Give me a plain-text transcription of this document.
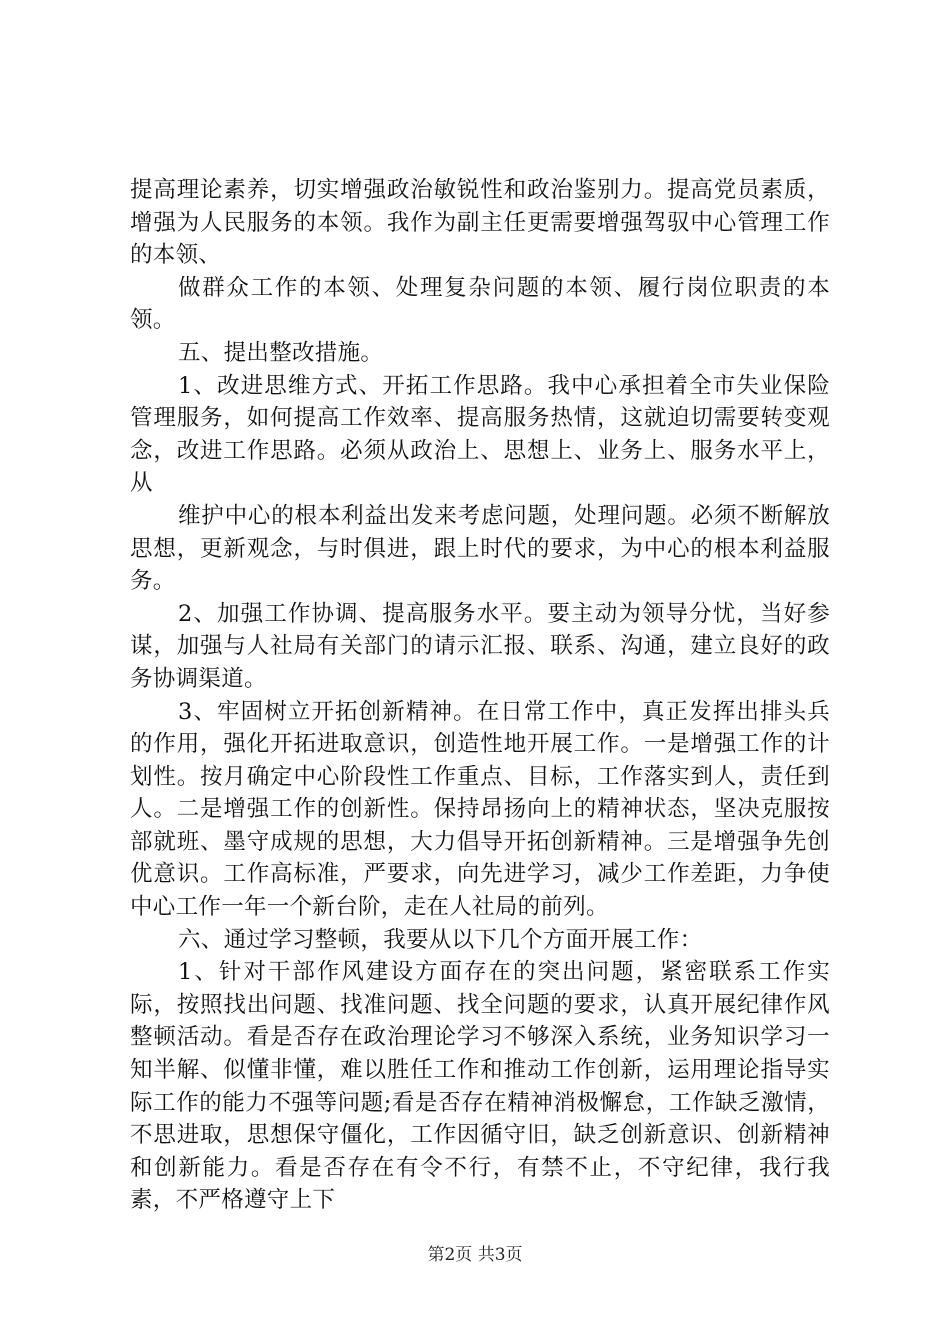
提高理论素养，切实增强政治敏锐性和政治鉴别力。提高党员素质，增强为人民服务的本领。我作为副主任更需要增强驾驭中心管理工作的本领、

做群众工作的本领、处理复杂问题的本领、履行岗位职责的本领。

五、提出整改措施。

1、改进思维方式、开拓工作思路。我中心承担着全市失业保险管理服务，如何提高工作效率、提高服务热情，这就迫切需要转变观念，改进工作思路。必须从政治上、思想上、业务上、服务水平上，从

维护中心的根本利益出发来考虑问题，处理问题。必须不断解放思想，更新观念，与时俱进，跟上时代的要求，为中心的根本利益服务。

2、加强工作协调、提高服务水平。要主动为领导分忧，当好参谋，加强与人社局有关部门的请示汇报、联系、沟通，建立良好的政务协调渠道。

3、牢固树立开拓创新精神。在日常工作中，真正发挥出排头兵的作用，强化开拓进取意识，创造性地开展工作。一是增强工作的计划性。按月确定中心阶段性工作重点、目标，工作落实到人，责任到人。二是增强工作的创新性。保持昂扬向上的精神状态，坚决克服按部就班、墨守成规的思想，大力倡导开拓创新精神。三是增强争先创优意识。工作高标准，严要求，向先进学习，减少工作差距，力争使中心工作一年一个新台阶，走在人社局的前列。

六、通过学习整顿，我要从以下几个方面开展工作：

1、针对干部作风建设方面存在的突出问题，紧密联系工作实际，按照找出问题、找准问题、找全问题的要求，认真开展纪律作风整顿活动。看是否存在政治理论学习不够深入系统，业务知识学习一知半解、似懂非懂，难以胜任工作和推动工作创新，运用理论指导实际工作的能力不强等问题;看是否存在精神消极懈怠，工作缺乏激情，不思进取，思想保守僵化，工作因循守旧，缺乏创新意识、创新精神和创新能力。看是否存在有令不行，有禁不止，不守纪律，我行我素，不严格遵守上下

第2页 共3页
